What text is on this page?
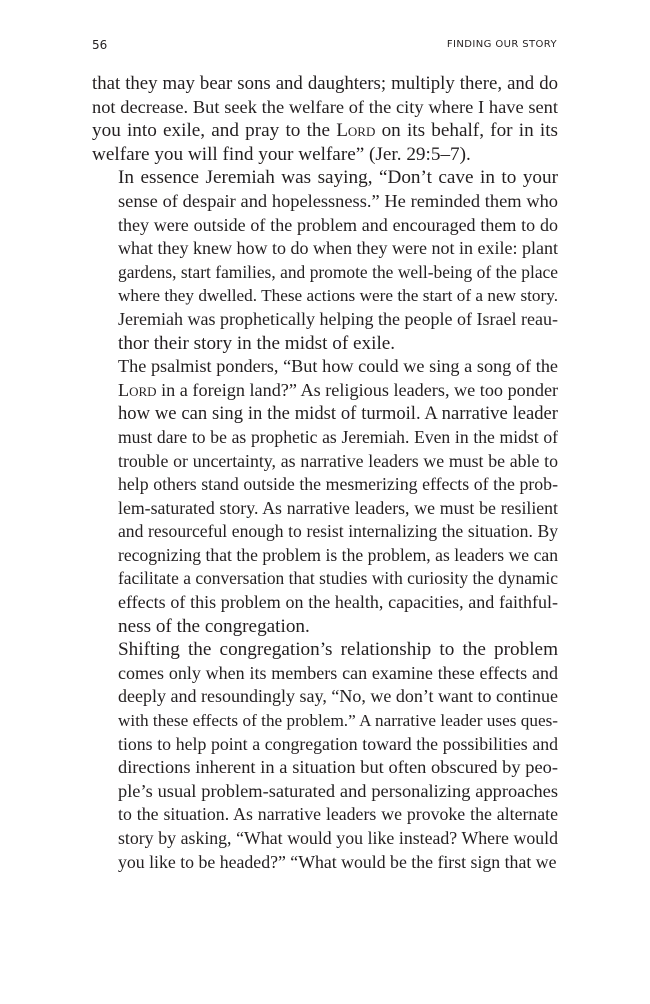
56	FINDING OUR STORY

that they may bear sons and daughters; multiply there, and do
not decrease. But seek the welfare of the city where I have sent
you into exile, and pray to the Lord on its behalf, for in its
welfare you will find your welfare” (Jer. 29:5–7).

In essence Jeremiah was saying, “Don’t cave in to your
sense of despair and hopelessness.” He reminded them who
they were outside of the problem and encouraged them to do
what they knew how to do when they were not in exile: plant
gardens, start families, and promote the well-being of the place
where they dwelled. These actions were the start of a new story.
Jeremiah was prophetically helping the people of Israel reau-
thor their story in the midst of exile.

The psalmist ponders, “But how could we sing a song of the
Lord in a foreign land?” As religious leaders, we too ponder
how we can sing in the midst of turmoil. A narrative leader
must dare to be as prophetic as Jeremiah. Even in the midst of
trouble or uncertainty, as narrative leaders we must be able to
help others stand outside the mesmerizing effects of the prob-
lem-saturated story. As narrative leaders, we must be resilient
and resourceful enough to resist internalizing the situation. By
recognizing that the problem is the problem, as leaders we can
facilitate a conversation that studies with curiosity the dynamic
effects of this problem on the health, capacities, and faithful-
ness of the congregation.

Shifting the congregation’s relationship to the problem
comes only when its members can examine these effects and
deeply and resoundingly say, “No, we don’t want to continue
with these effects of the problem.” A narrative leader uses ques-
tions to help point a congregation toward the possibilities and
directions inherent in a situation but often obscured by peo-
ple’s usual problem-saturated and personalizing approaches
to the situation. As narrative leaders we provoke the alternate
story by asking, “What would you like instead? Where would
you like to be headed?” “What would be the first sign that we
